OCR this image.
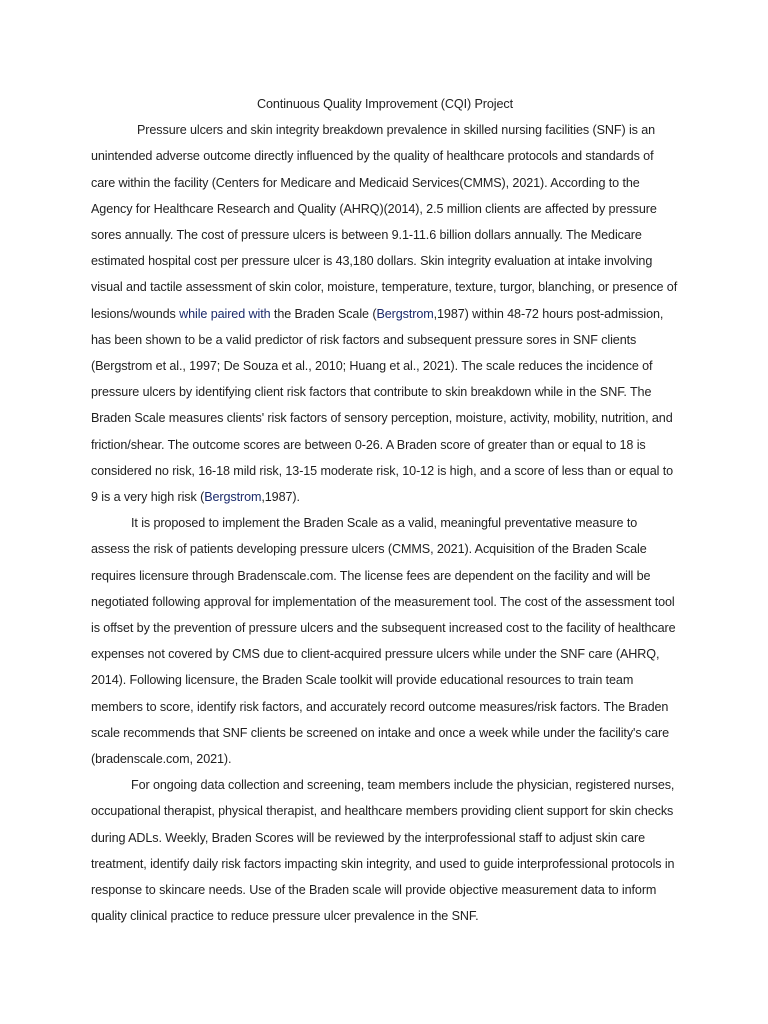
Continuous Quality Improvement (CQI) Project

Pressure ulcers and skin integrity breakdown prevalence in skilled nursing facilities (SNF) is an unintended adverse outcome directly influenced by the quality of healthcare protocols and standards of care within the facility (Centers for Medicare and Medicaid Services(CMMS), 2021). According to the Agency for Healthcare Research and Quality (AHRQ)(2014), 2.5 million clients are affected by pressure sores annually. The cost of pressure ulcers is between 9.1-11.6 billion dollars annually. The Medicare estimated hospital cost per pressure ulcer is 43,180 dollars. Skin integrity evaluation at intake involving visual and tactile assessment of skin color, moisture, temperature, texture, turgor, blanching, or presence of lesions/wounds while paired with the Braden Scale (Bergstrom,1987) within 48-72 hours post-admission, has been shown to be a valid predictor of risk factors and subsequent pressure sores in SNF clients (Bergstrom et al., 1997; De Souza et al., 2010; Huang et al., 2021). The scale reduces the incidence of pressure ulcers by identifying client risk factors that contribute to skin breakdown while in the SNF. The Braden Scale measures clients' risk factors of sensory perception, moisture, activity, mobility, nutrition, and friction/shear. The outcome scores are between 0-26. A Braden score of greater than or equal to 18 is considered no risk, 16-18 mild risk, 13-15 moderate risk, 10-12 is high, and a score of less than or equal to 9 is a very high risk (Bergstrom,1987).

It is proposed to implement the Braden Scale as a valid, meaningful preventative measure to assess the risk of patients developing pressure ulcers (CMMS, 2021). Acquisition of the Braden Scale requires licensure through Bradenscale.com. The license fees are dependent on the facility and will be negotiated following approval for implementation of the measurement tool. The cost of the assessment tool is offset by the prevention of pressure ulcers and the subsequent increased cost to the facility of healthcare expenses not covered by CMS due to client-acquired pressure ulcers while under the SNF care (AHRQ, 2014). Following licensure, the Braden Scale toolkit will provide educational resources to train team members to score, identify risk factors, and accurately record outcome measures/risk factors. The Braden scale recommends that SNF clients be screened on intake and once a week while under the facility's care (bradenscale.com, 2021).

For ongoing data collection and screening, team members include the physician, registered nurses, occupational therapist, physical therapist, and healthcare members providing client support for skin checks during ADLs. Weekly, Braden Scores will be reviewed by the interprofessional staff to adjust skin care treatment, identify daily risk factors impacting skin integrity, and used to guide interprofessional protocols in response to skincare needs. Use of the Braden scale will provide objective measurement data to inform quality clinical practice to reduce pressure ulcer prevalence in the SNF.
